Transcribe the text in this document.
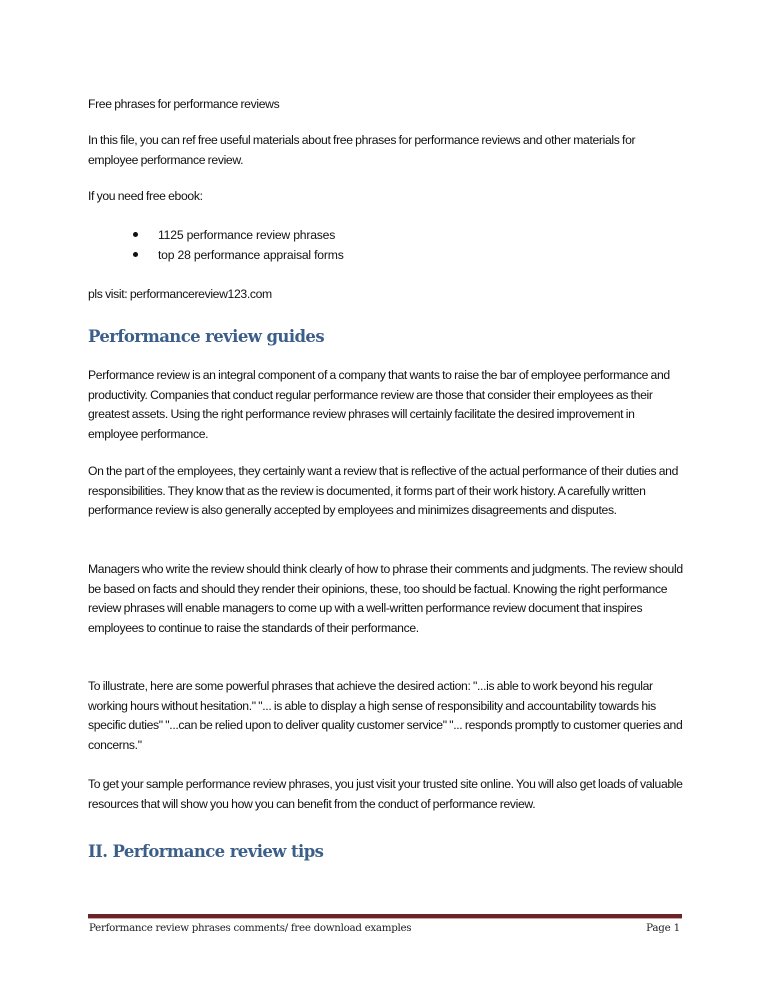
Free phrases for performance reviews

In this file, you can ref free useful materials about free phrases for performance reviews and other materials for employee performance review.

If you need free ebook:

1125 performance review phrases
top 28 performance appraisal forms

pls visit: performancereview123.com

Performance review guides

Performance review is an integral component of a company that wants to raise the bar of employee performance and productivity. Companies that conduct regular performance review are those that consider their employees as their greatest assets. Using the right performance review phrases will certainly facilitate the desired improvement in employee performance.

On the part of the employees, they certainly want a review that is reflective of the actual performance of their duties and responsibilities. They know that as the review is documented, it forms part of their work history. A carefully written performance review is also generally accepted by employees and minimizes disagreements and disputes.

Managers who write the review should think clearly of how to phrase their comments and judgments. The review should be based on facts and should they render their opinions, these, too should be factual. Knowing the right performance review phrases will enable managers to come up with a well-written performance review document that inspires employees to continue to raise the standards of their performance.

To illustrate, here are some powerful phrases that achieve the desired action: "...is able to work beyond his regular working hours without hesitation." "... is able to display a high sense of responsibility and accountability towards his specific duties" "...can be relied upon to deliver quality customer service" "... responds promptly to customer queries and concerns."

To get your sample performance review phrases, you just visit your trusted site online. You will also get loads of valuable resources that will show you how you can benefit from the conduct of performance review.

II. Performance review tips
Performance review phrases comments/ free download examples	Page 1
